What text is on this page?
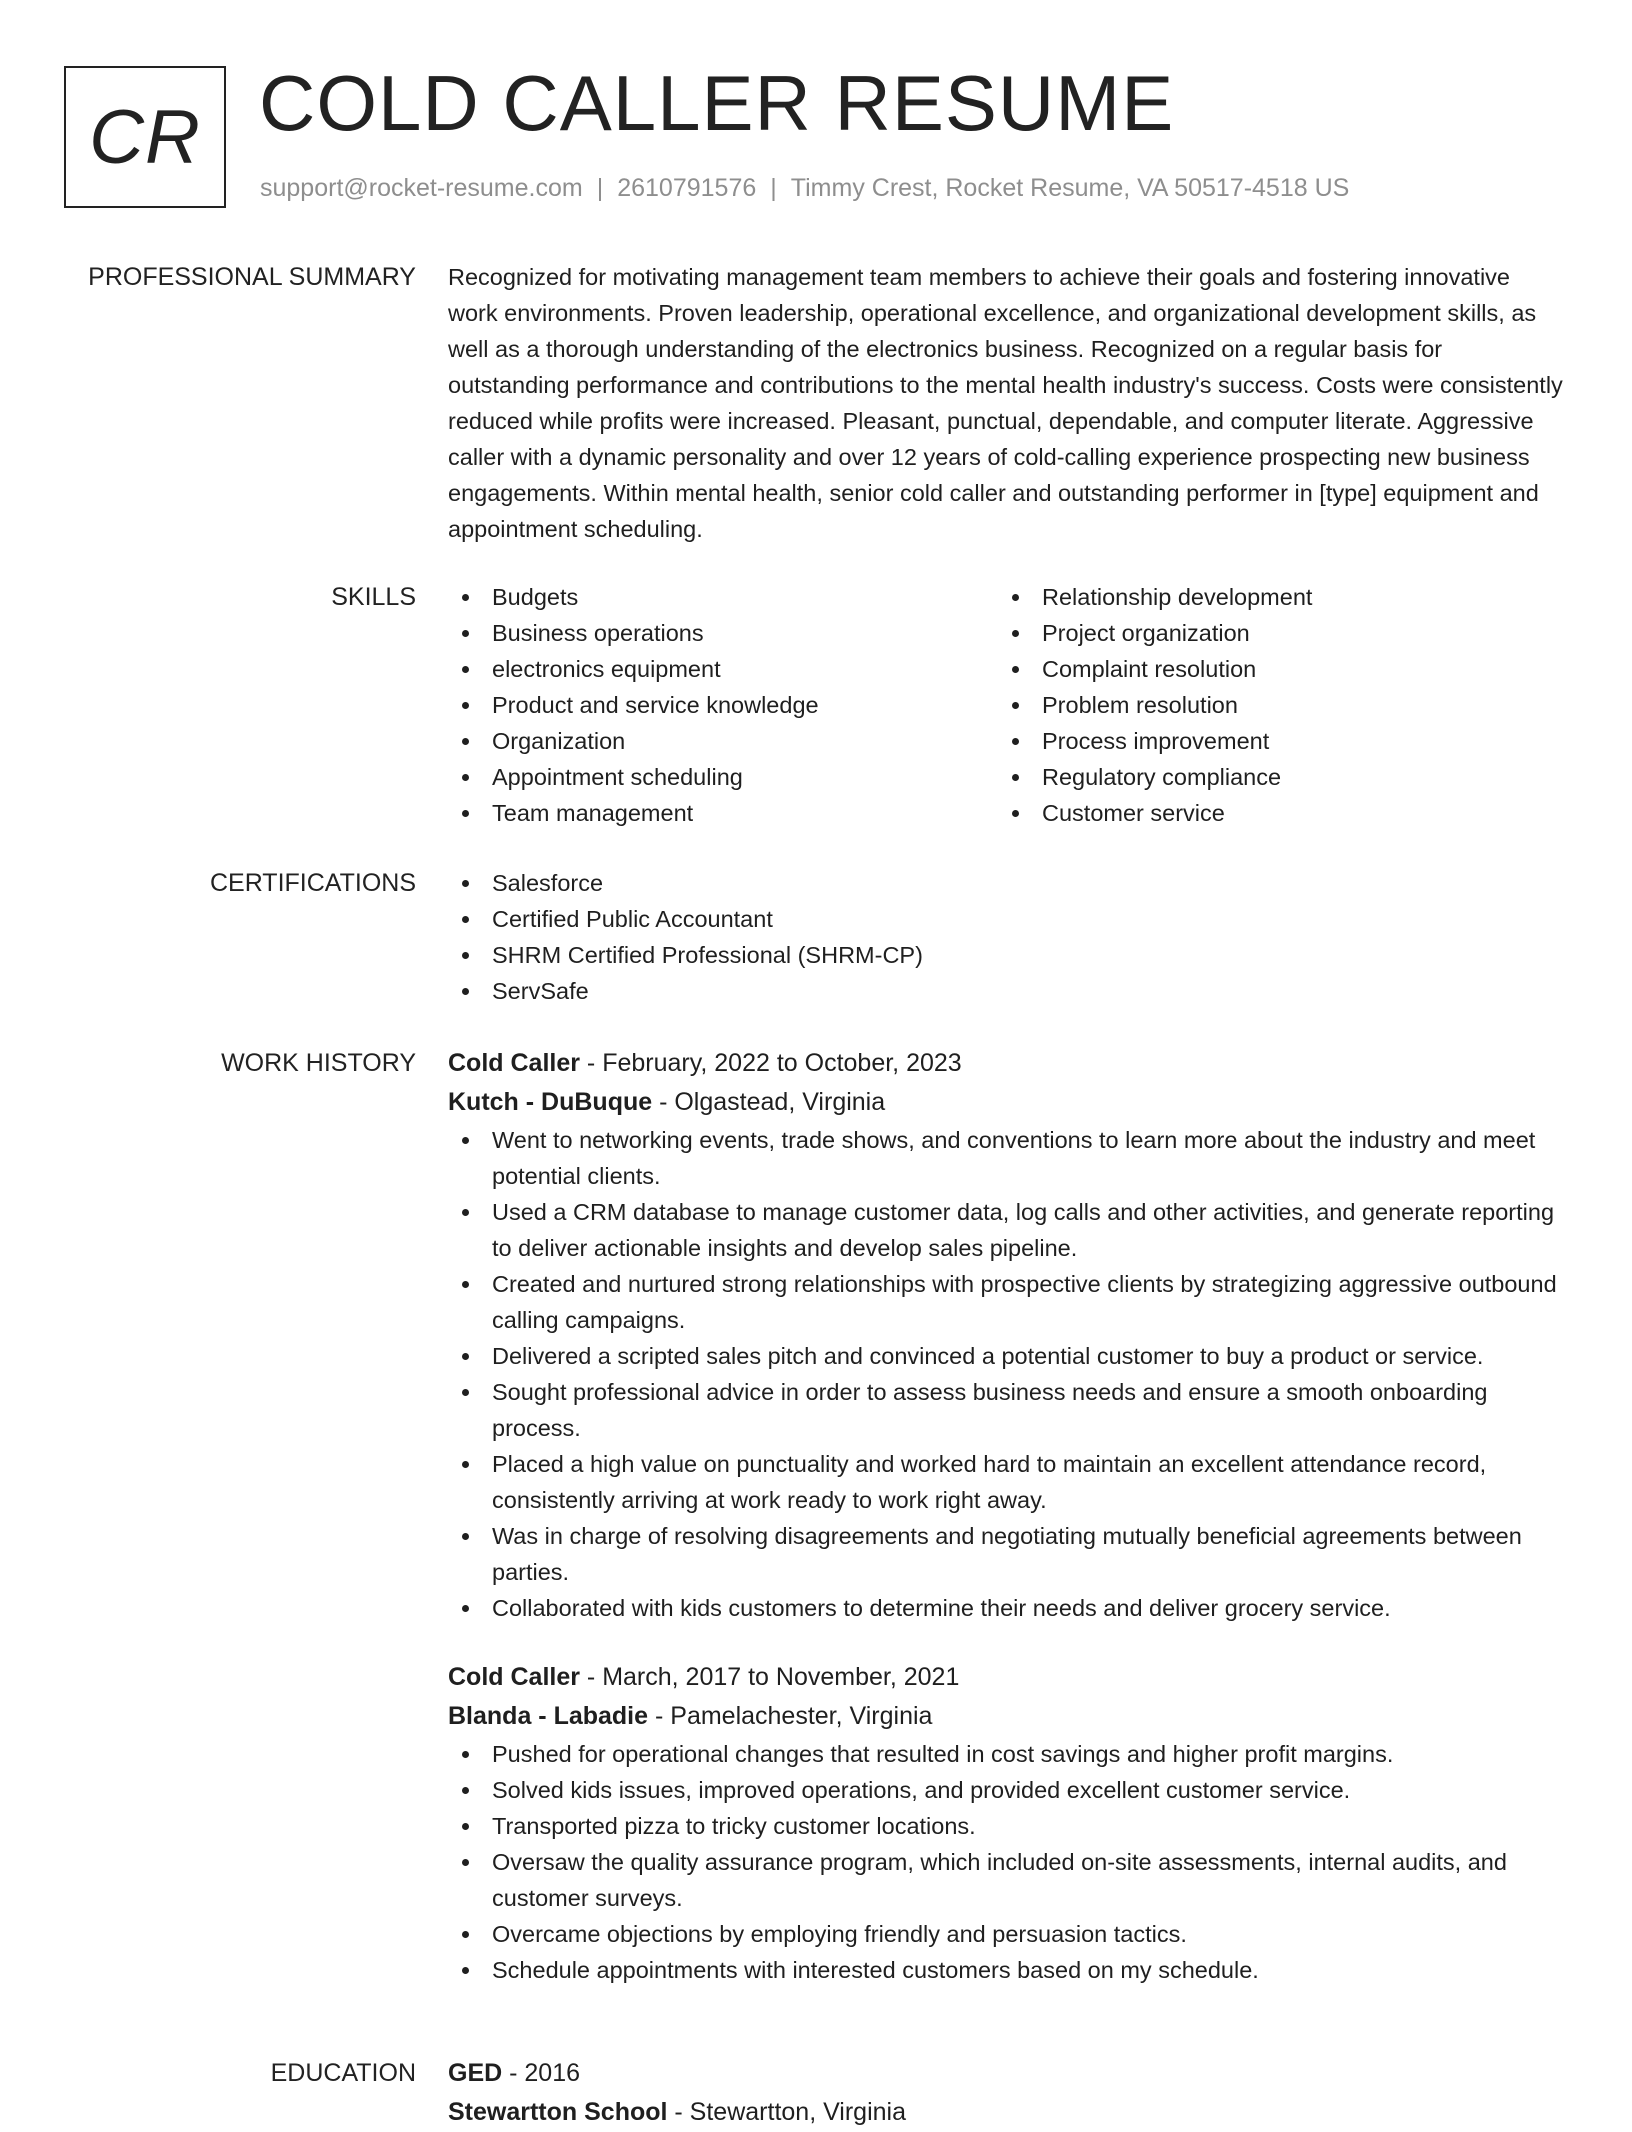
CR COLD CALLER RESUME
support@rocket-resume.com | 2610791576 | Timmy Crest, Rocket Resume, VA 50517-4518 US
PROFESSIONAL SUMMARY Recognized for motivating management team members to achieve their goals and fostering innovative work environments. Proven leadership, operational excellence, and organizational development skills, as well as a thorough understanding of the electronics business. Recognized on a regular basis for outstanding performance and contributions to the mental health industry's success. Costs were consistently reduced while profits were increased. Pleasant, punctual, dependable, and computer literate. Aggressive caller with a dynamic personality and over 12 years of cold-calling experience prospecting new business engagements. Within mental health, senior cold caller and outstanding performer in [type] equipment and appointment scheduling.

SKILLS	Budgets
Business operations
electronics equipment
Product and service knowledge
Organization
Appointment scheduling
Team management
Relationship development
Project organization
Complaint resolution
Problem resolution
Process improvement
Regulatory compliance
Customer service
CERTIFICATIONS	Salesforce
Certified Public Accountant
SHRM Certified Professional (SHRM-CP)
ServSafe
WORK HISTORY Cold Caller - February, 2022 to October, 2023
Kutch - DuBuque - Olgastead, Virginia
Went to networking events, trade shows, and conventions to learn more about the industry and meet potential clients.
Used a CRM database to manage customer data, log calls and other activities, and generate reporting to deliver actionable insights and develop sales pipeline.
Created and nurtured strong relationships with prospective clients by strategizing aggressive outbound calling campaigns.
Delivered a scripted sales pitch and convinced a potential customer to buy a product or service.
Sought professional advice in order to assess business needs and ensure a smooth onboarding process.
Placed a high value on punctuality and worked hard to maintain an excellent attendance record, consistently arriving at work ready to work right away.
Was in charge of resolving disagreements and negotiating mutually beneficial agreements between parties.
Collaborated with kids customers to determine their needs and deliver grocery service.
Cold Caller - March, 2017 to November, 2021
Blanda - Labadie - Pamelachester, Virginia
Pushed for operational changes that resulted in cost savings and higher profit margins.
Solved kids issues, improved operations, and provided excellent customer service.
Transported pizza to tricky customer locations.
Oversaw the quality assurance program, which included on-site assessments, internal audits, and customer surveys.
Overcame objections by employing friendly and persuasion tactics.
Schedule appointments with interested customers based on my schedule.
EDUCATION GED - 2016
Stewartton School - Stewartton, Virginia
